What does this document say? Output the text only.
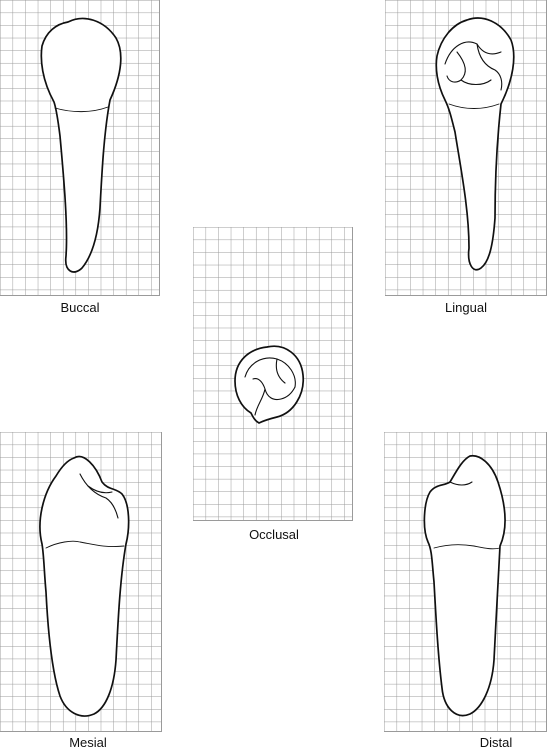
Buccal	Lingual
Occlusal
Mesial	Distal
